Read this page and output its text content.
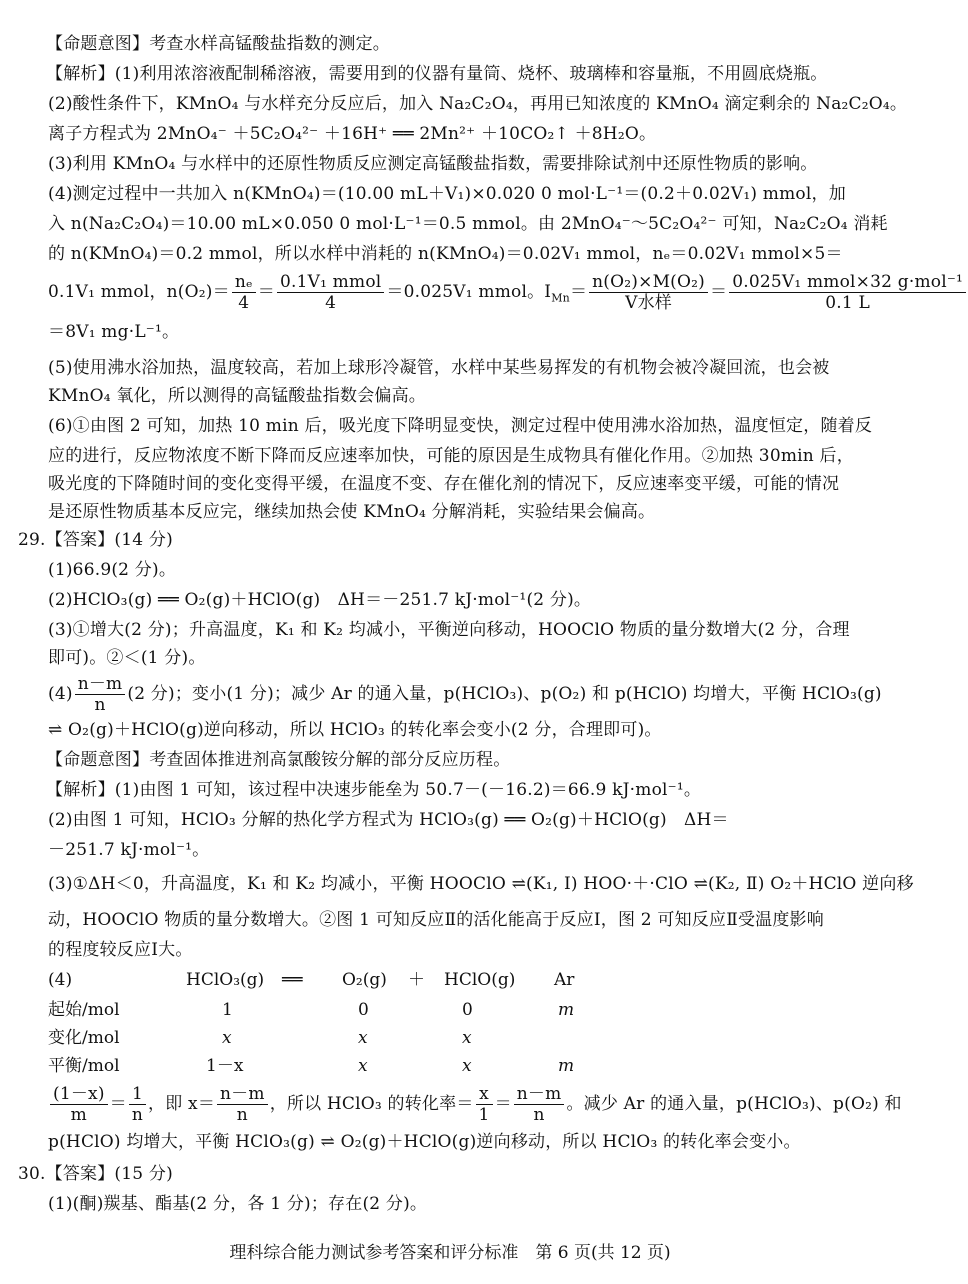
【命题意图】考查水样高锰酸盐指数的测定。
【解析】(1)利用浓溶液配制稀溶液，需要用到的仪器有量筒、烧杯、玻璃棒和容量瓶，不用圆底烧瓶。
(2)酸性条件下，KMnO₄ 与水样充分反应后，加入 Na₂C₂O₄，再用已知浓度的 KMnO₄ 滴定剩余的 Na₂C₂O₄。
离子方程式为 2MnO₄⁻ ＋5C₂O₄²⁻ ＋16H⁺ ══ 2Mn²⁺ ＋10CO₂↑ ＋8H₂O。
(3)利用 KMnO₄ 与水样中的还原性物质反应测定高锰酸盐指数，需要排除试剂中还原性物质的影响。
(4)测定过程中一共加入 n(KMnO₄)＝(10.00 mL＋V₁)×0.020 0 mol·L⁻¹＝(0.2＋0.02V₁) mmol，加
入 n(Na₂C₂O₄)＝10.00 mL×0.050 0 mol·L⁻¹＝0.5 mmol。由 2MnO₄⁻～5C₂O₄²⁻ 可知，Na₂C₂O₄ 消耗
的 n(KMnO₄)＝0.2 mmol，所以水样中消耗的 n(KMnO₄)＝0.02V₁ mmol，nₑ＝0.02V₁ mmol×5＝
0.1V₁ mmol，$n(O_2)= \frac{\text{nₑ}}{4} = \frac{\text{0.1V₁ mmol}}{4} =0.025V_1$ mmol。$I_{Mn}= \frac{\text{n(O₂)×M(O₂)}}{\text{V水样}} = \frac{\text{0.025V₁ mmol×32 g·mol⁻¹}}{0.1 L}$
＝8V₁ mg·L⁻¹。
(5)使用沸水浴加热，温度较高，若加上球形冷凝管，水样中某些易挥发的有机物会被冷凝回流，也会被
KMnO₄ 氧化，所以测得的高锰酸盐指数会偏高。
(6)①由图 2 可知，加热 10 min 后，吸光度下降明显变快，测定过程中使用沸水浴加热，温度恒定，随着反
应的进行，反应物浓度不断下降而反应速率加快，可能的原因是生成物具有催化作用。②加热 30min 后，
吸光度的下降随时间的变化变得平缓，在温度不变、存在催化剂的情况下，反应速率变平缓，可能的情况
是还原性物质基本反应完，继续加热会使 KMnO₄ 分解消耗，实验结果会偏高。
29.【答案】(14 分)
(1)66.9(2 分)。
(2)HClO₃(g) ══ O₂(g)＋HClO(g)　ΔH＝－251.7 kJ·mol⁻¹(2 分)。
(3)①增大(2 分)；升高温度，K₁ 和 K₂ 均减小，平衡逆向移动，HOOClO 物质的量分数增大(2 分，合理
即可)。②＜(1 分)。
$(4) \frac{n-m}{n} (2$ 分)；变小(1 分)；减少 Ar 的通入量，p(HClO₃)、p(O₂) 和 p(HClO) 均增大，平衡 HClO₃(g)
⇌ O₂(g)＋HClO(g)逆向移动，所以 HClO₃ 的转化率会变小(2 分，合理即可)。
【命题意图】考查固体推进剂高氯酸铵分解的部分反应历程。
【解析】(1)由图 1 可知，该过程中决速步能垒为 50.7－(－16.2)＝66.9 kJ·mol⁻¹。
(2)由图 1 可知，HClO₃ 分解的热化学方程式为 HClO₃(g) ══ O₂(g)＋HClO(g)　ΔH＝
－251.7 kJ·mol⁻¹。
(3)①ΔH＜0，升高温度，K₁ 和 K₂ 均减小，平衡 HOOClO ⇌(K₁, Ⅰ) HOO·＋·ClO ⇌(K₂, Ⅱ) O₂＋HClO 逆向移
动，HOOClO 物质的量分数增大。②图 1 可知反应Ⅱ的活化能高于反应Ⅰ，图 2 可知反应Ⅱ受温度影响
的程度较反应Ⅰ大。
(4)	HClO₃(g) ══ O₂(g) ＋ HClO(g) Ar
起始/mol	1	0	0	m
变化/mol	x	x	x
平衡/mol	1－x	x	x	m
$\frac{(1-x)}{m} = \frac{1}{n}$ ，即 $x= \frac{n-m}{n}$ ，所以 HClO₃ 的转化率＝ $\frac{x}{1} = \frac{n-m}{n}$ 。减少 Ar 的通入量，p(HClO₃)、p(O₂) 和
p(HClO) 均增大，平衡 HClO₃(g) ⇌ O₂(g)＋HClO(g)逆向移动，所以 HClO₃ 的转化率会变小。
30.【答案】(15 分)
(1)(酮)羰基、酯基(2 分，各 1 分)；存在(2 分)。
理科综合能力测试参考答案和评分标准　第 6 页(共 12 页)
